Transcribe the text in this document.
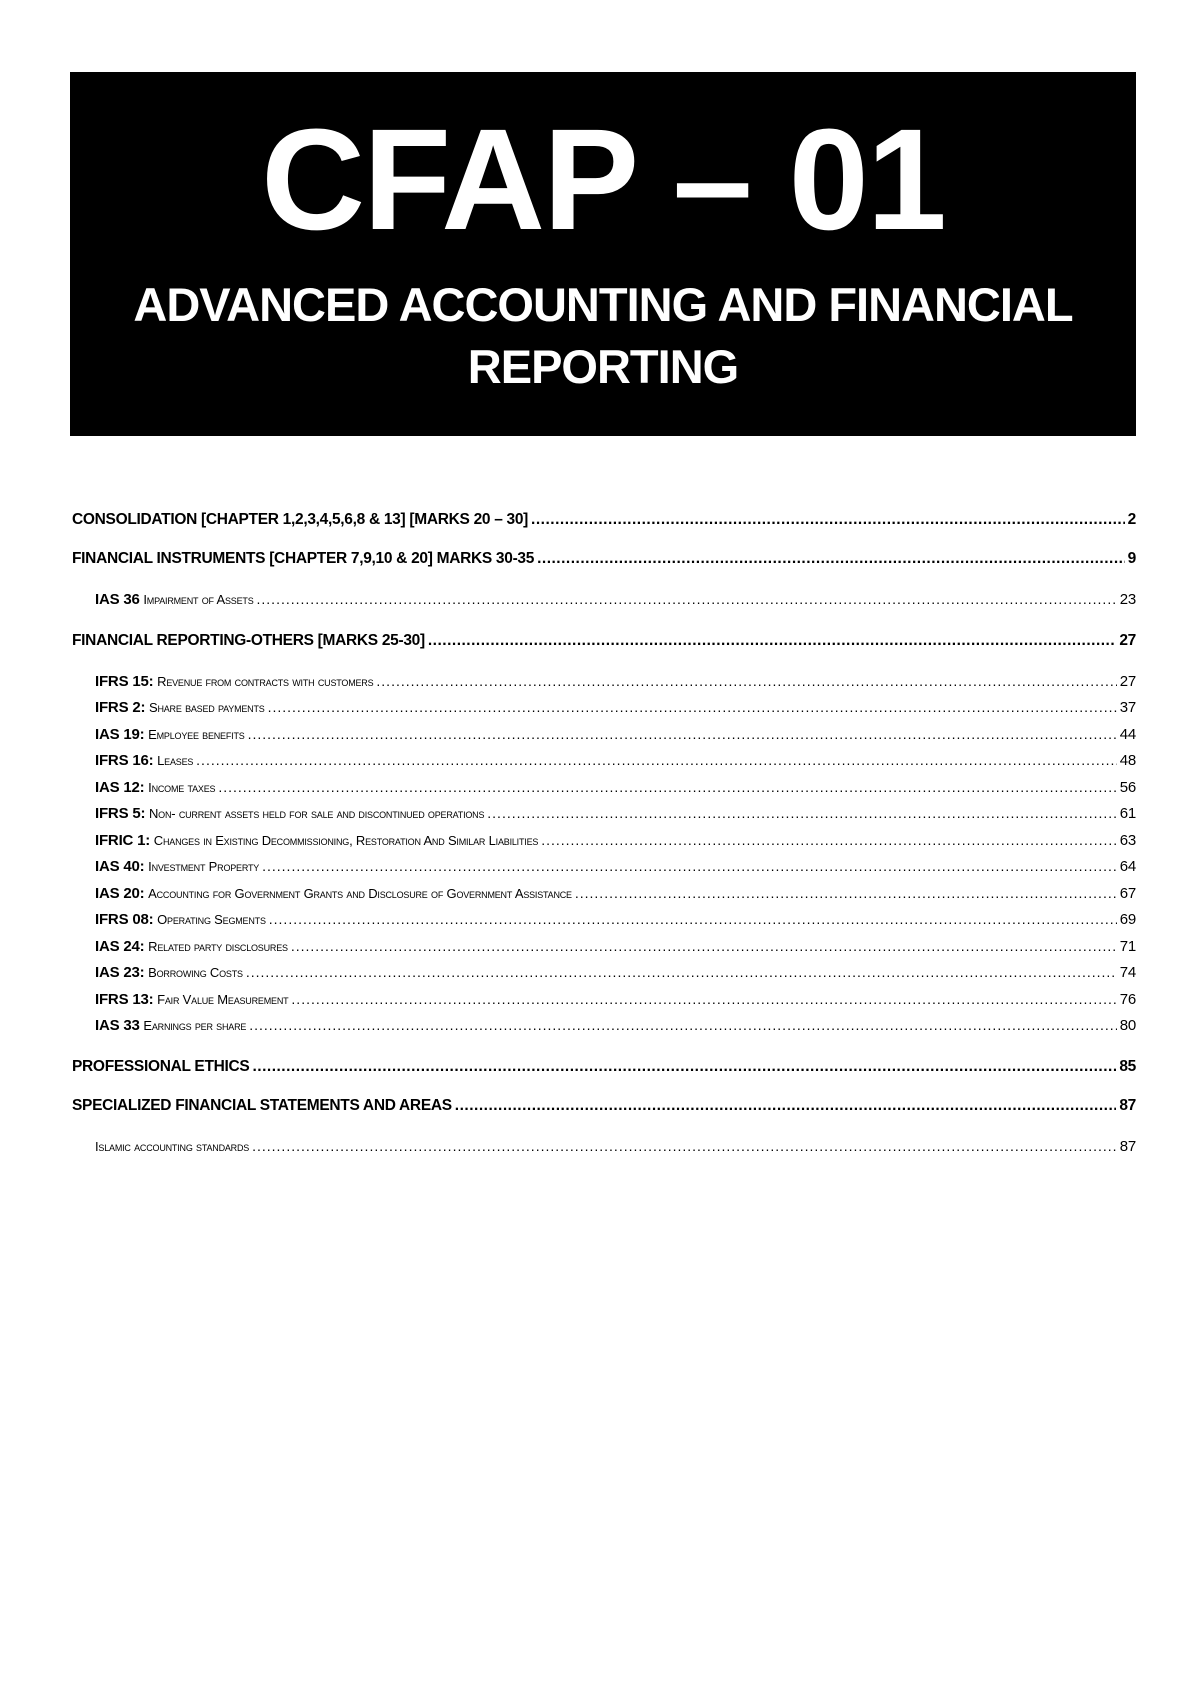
CFAP – 01
ADVANCED ACCOUNTING AND FINANCIAL
REPORTING
CONSOLIDATION [CHAPTER 1,2,3,4,5,6,8 & 13] [MARKS 20 – 30] .....	2
FINANCIAL INSTRUMENTS [CHAPTER 7,9,10 & 20] MARKS 30-35 .....	9
IAS 36 Impairment of Assets .....	23
FINANCIAL REPORTING-OTHERS [MARKS 25-30] .....	27
IFRS 15: Revenue from contracts with customers .....	27
IFRS 2: Share based payments .....	37
IAS 19: Employee benefits .....	44
IFRS 16: Leases .....	48
IAS 12: Income taxes .....	56
IFRS 5: Non- current assets held for sale and discontinued operations .....	61
IFRIC 1: Changes in Existing Decommissioning, Restoration And Similar Liabilities .....	63
IAS 40: Investment Property .....	64
IAS 20: Accounting for Government Grants and Disclosure of Government Assistance .....	67
IFRS 08: Operating Segments .....	69
IAS 24: Related party disclosures .....	71
IAS 23: Borrowing Costs .....	74
IFRS 13: Fair Value Measurement .....	76
IAS 33 Earnings per share .....	80
PROFESSIONAL ETHICS .....	85
SPECIALIZED FINANCIAL STATEMENTS AND AREAS .....	87
Islamic accounting standards .....	87
